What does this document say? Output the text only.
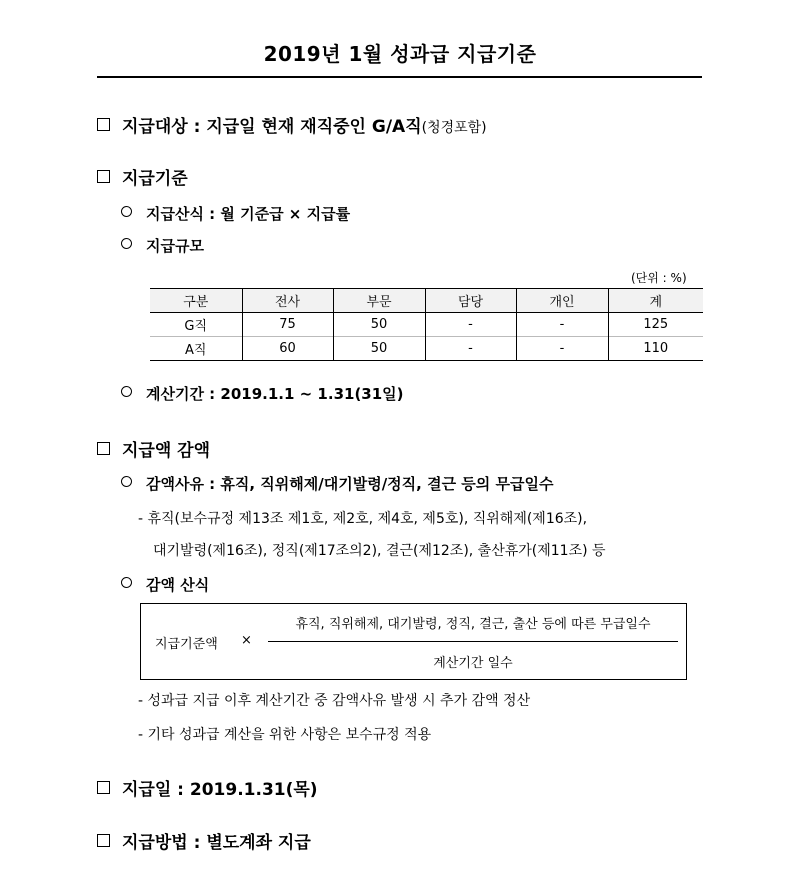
2019년 1월 성과급 지급기준
지급대상 : 지급일 현재 재직중인 G/A직(청경포함)
지급기준
지급산식 : 월 기준급 × 지급률
지급규모
(단위 : %)
구분	전사	부문	담당	개인	계
G직	75	50	-	-	125
A직	60	50	-	-	110
계산기간 : 2019.1.1 ~ 1.31(31일)
지급액 감액
감액사유 : 휴직, 직위해제/대기발령/정직, 결근 등의 무급일수
- 휴직(보수규정 제13조 제1호, 제2호, 제4호, 제5호), 직위해제(제16조),
대기발령(제16조), 정직(제17조의2), 결근(제12조), 출산휴가(제11조) 등
감액 산식
지급기준액 ×
휴직, 직위해제, 대기발령, 정직, 결근, 출산 등에 따른 무급일수
계산기간 일수
- 성과급 지급 이후 계산기간 중 감액사유 발생 시 추가 감액 정산
- 기타 성과급 계산을 위한 사항은 보수규정 적용
지급일 : 2019.1.31(목)
지급방법 : 별도계좌 지급
